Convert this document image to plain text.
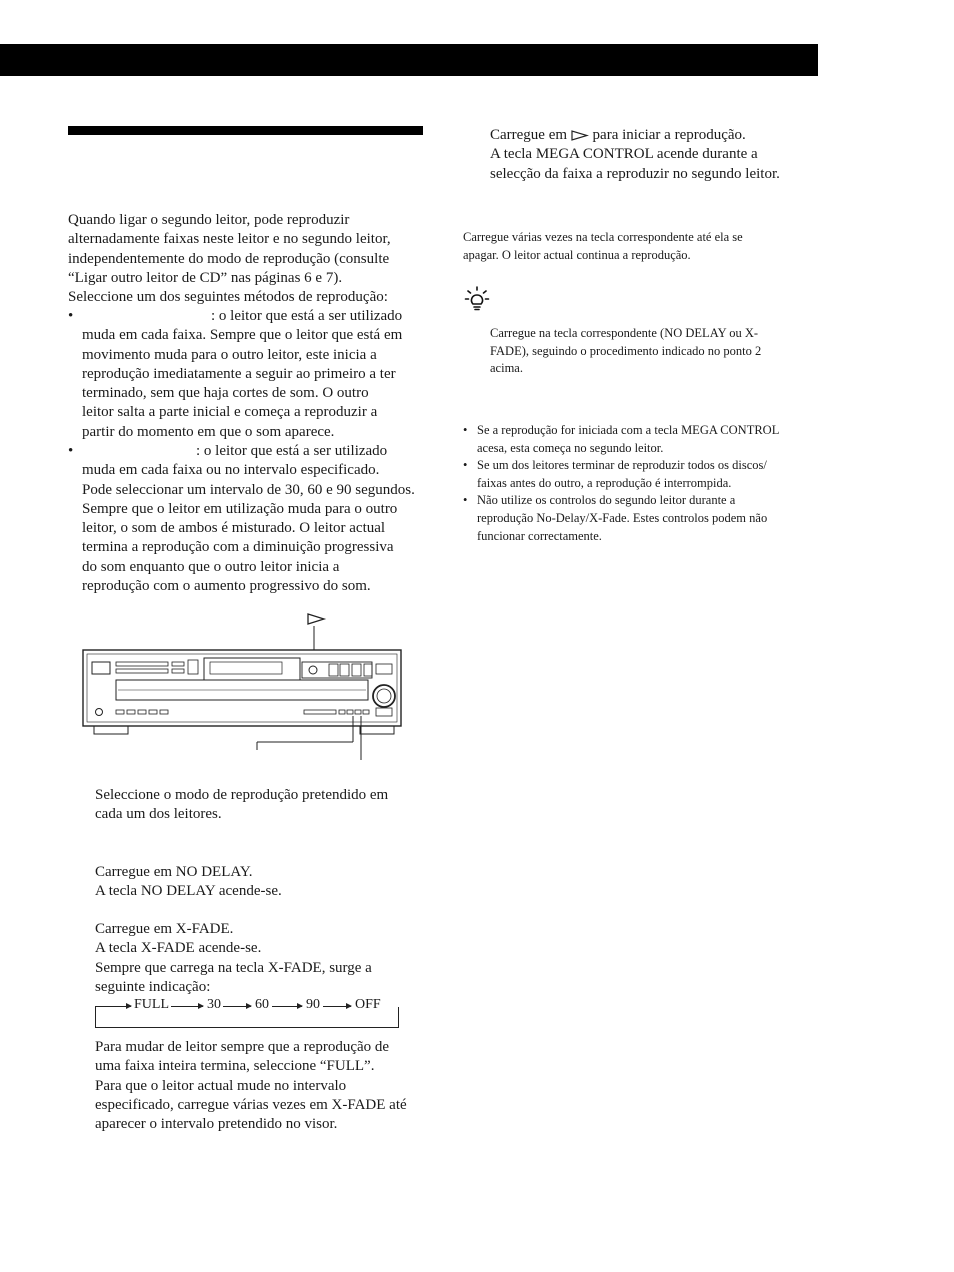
Quando ligar o segundo leitor, pode reproduzir

alternadamente faixas neste leitor e no segundo leitor,

independentemente do modo de reprodução (consulte

“Ligar outro leitor de CD” nas páginas 6 e 7).

Seleccione um dos seguintes métodos de reprodução:

•	: o leitor que está a ser utilizado

muda em cada faixa. Sempre que o leitor que está em

movimento muda para o outro leitor, este inicia a

reprodução imediatamente a seguir ao primeiro a ter

terminado, sem que haja cortes de som. O outro

leitor salta a parte inicial e começa a reproduzir a

partir do momento em que o som aparece.

•	: o leitor que está a ser utilizado

muda em cada faixa ou no intervalo especificado.

Pode seleccionar um intervalo de 30, 60 e 90 segundos.

Sempre que o leitor em utilização muda para o outro

leitor, o som de ambos é misturado. O leitor actual

termina a reprodução com a diminuição progressiva

do som enquanto que o outro leitor inicia a

reprodução com o aumento progressivo do som.

Seleccione o modo de reprodução pretendido em

cada um dos leitores.

Carregue em NO DELAY.

A tecla NO DELAY acende-se.

Carregue em X-FADE.

A tecla X-FADE acende-se.

Sempre que carrega na tecla X-FADE, surge a

seguinte indicação:

FULL	30 60	90	OFF

Para mudar de leitor sempre que a reprodução de

uma faixa inteira termina, seleccione “FULL”.

Para que o leitor actual mude no intervalo

especificado, carregue várias vezes em X-FADE até

aparecer o intervalo pretendido no visor.

Carregue em para iniciar a reprodução.

A tecla MEGA CONTROL acende durante a

selecção da faixa a reproduzir no segundo leitor.

Carregue várias vezes na tecla correspondente até ela se

apagar. O leitor actual continua a reprodução.

Carregue na tecla correspondente (NO DELAY ou X-

FADE), seguindo o procedimento indicado no ponto 2

acima.

• Se a reprodução for iniciada com a tecla MEGA CONTROL

acesa, esta começa no segundo leitor.

• Se um dos leitores terminar de reproduzir todos os discos/

faixas antes do outro, a reprodução é interrompida.

• Não utilize os controlos do segundo leitor durante a

reprodução No-Delay/X-Fade. Estes controlos podem não

funcionar correctamente.
